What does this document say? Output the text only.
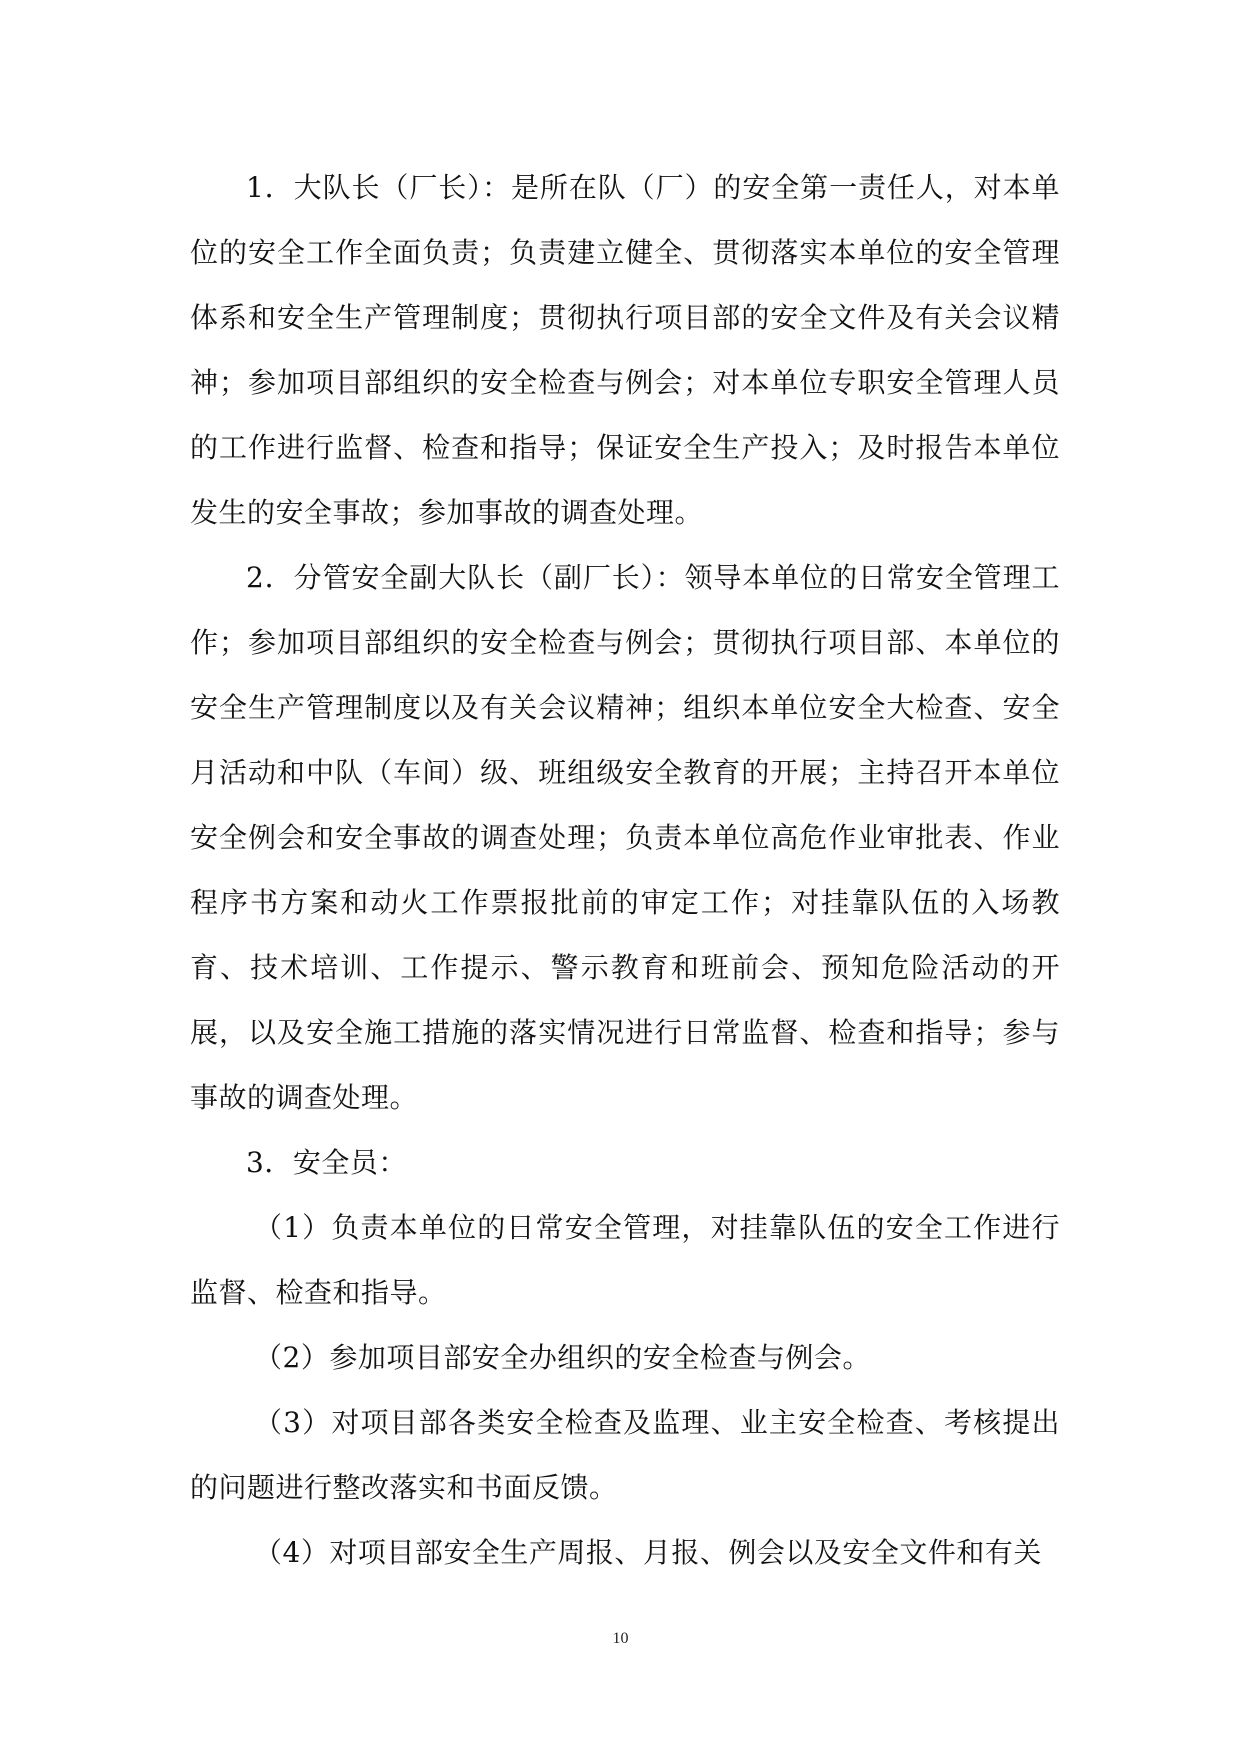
1．大队长（厂长）：是所在队（厂）的安全第一责任人，对本单位的安全工作全面负责；负责建立健全、贯彻落实本单位的安全管理体系和安全生产管理制度；贯彻执行项目部的安全文件及有关会议精神；参加项目部组织的安全检查与例会；对本单位专职安全管理人员的工作进行监督、检查和指导；保证安全生产投入；及时报告本单位发生的安全事故；参加事故的调查处理。

2．分管安全副大队长（副厂长）：领导本单位的日常安全管理工作；参加项目部组织的安全检查与例会；贯彻执行项目部、本单位的安全生产管理制度以及有关会议精神；组织本单位安全大检查、安全月活动和中队（车间）级、班组级安全教育的开展；主持召开本单位安全例会和安全事故的调查处理；负责本单位高危作业审批表、作业程序书方案和动火工作票报批前的审定工作；对挂靠队伍的入场教育、技术培训、工作提示、警示教育和班前会、预知危险活动的开展，以及安全施工措施的落实情况进行日常监督、检查和指导；参与事故的调查处理。

3．安全员：

（1）负责本单位的日常安全管理，对挂靠队伍的安全工作进行监督、检查和指导。

（2）参加项目部安全办组织的安全检查与例会。

（3）对项目部各类安全检查及监理、业主安全检查、考核提出的问题进行整改落实和书面反馈。

（4）对项目部安全生产周报、月报、例会以及安全文件和有关

10
